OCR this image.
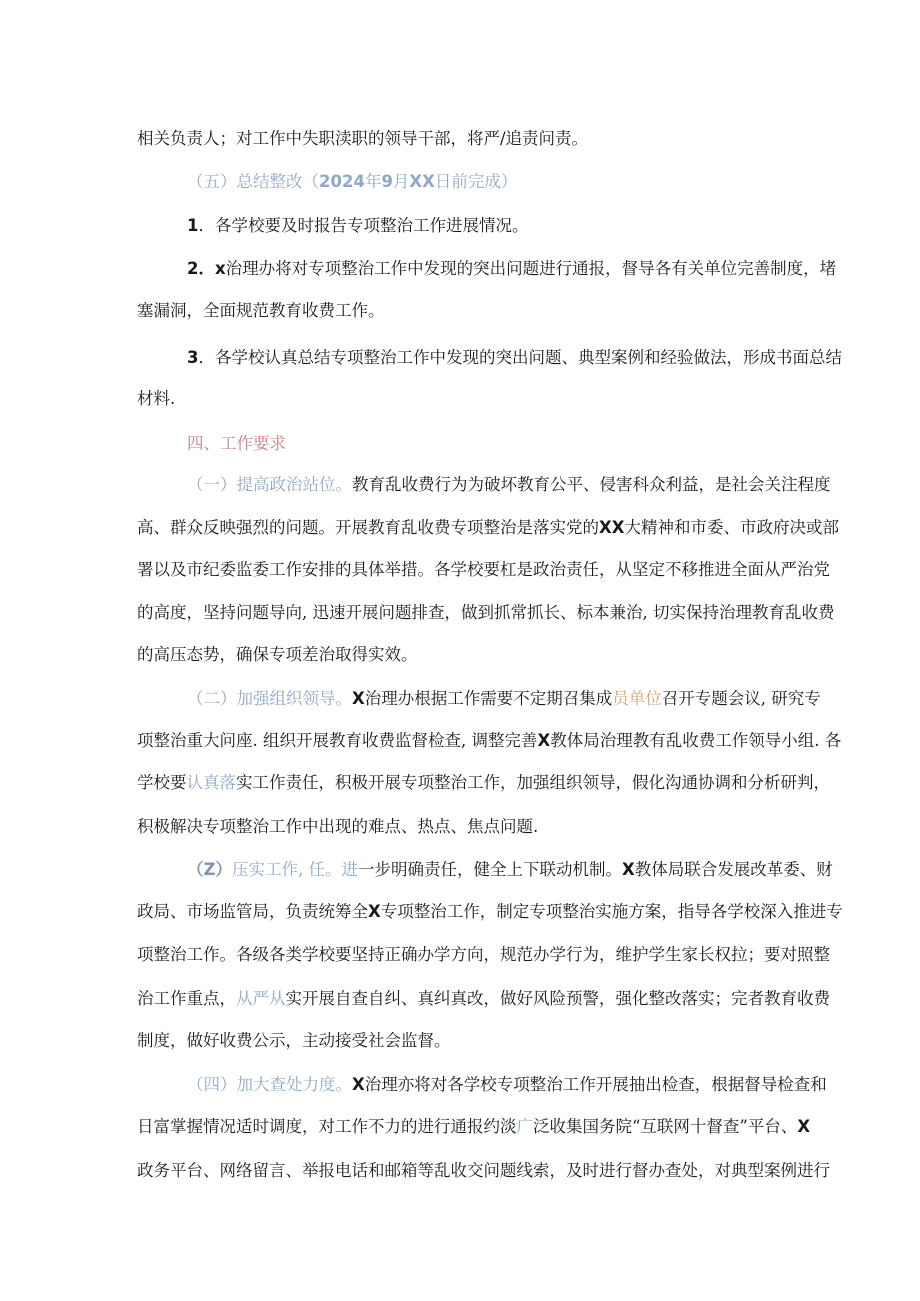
相关负责人；对工作中失职渎职的领导干部，将严/追责问责。

（五）总结整改（2024年9月XX日前完成）

1．各学校要及时报告专项整治工作进展情况。

2．x治理办将对专项整治工作中发现的突出问题进行通报，督导各有关单位完善制度，堵

塞漏洞，全面规范教育收费工作。

3．各学校认真总结专项整治工作中发现的突出问题、典型案例和经验做法，形成书面总结

材料.

四、工作要求

（一）提高政治站位。教育乱收费行为为破坏教育公平、侵害科众利益，是社会关注程度

高、群众反映强烈的问题。开展教育乱收费专项整治是落实党的XX大精神和市委、市政府决或部

署以及市纪委监委工作安排的具体举措。各学校要杠是政治责任，从坚定不移推进全面从严治党

的高度，坚持问题导向, 迅速开展问题排查，做到抓常抓长、标本兼治, 切实保持治理教育乱收费

的高压态势，确保专项差治取得实效。

（二）加强组织领导。X治理办根据工作需要不定期召集成员单位召开专题会议, 研究专

项整治重大问座. 组织开展教育收费监督检查, 调整完善X教体局治理教有乱收费工作领导小组. 各

学校要认真落实工作责任，积极开展专项整治工作，加强组织领导，假化沟通协调和分析研判，

积极解决专项整治工作中出现的难点、热点、焦点问题.

（Z）压实工作, 任。进一步明确责任，健全上下联动机制。X教体局联合发展改革委、财

政局、市场监管局，负责统筹全X专项整治工作，制定专项整治实施方案，指导各学校深入推进专

项整治工作。各级各类学校要坚持正确办学方向，规范办学行为，维护学生家长权拉；要对照整

治工作重点，从严从实开展自查自纠、真纠真改，做好风险预警，强化整改落实；完者教育收费

制度，做好收费公示，主动接受社会监督。

（四）加大查处力度。X治理亦将对各学校专项整治工作开展抽出检查，根据督导检查和

日富掌握情况适时调度，对工作不力的进行通报约淡广泛收集国务院“互联网十督查”平台、X

政务平台、网络留言、举报电话和邮箱等乱收交问题线索，及时进行督办查处，对典型案例进行
